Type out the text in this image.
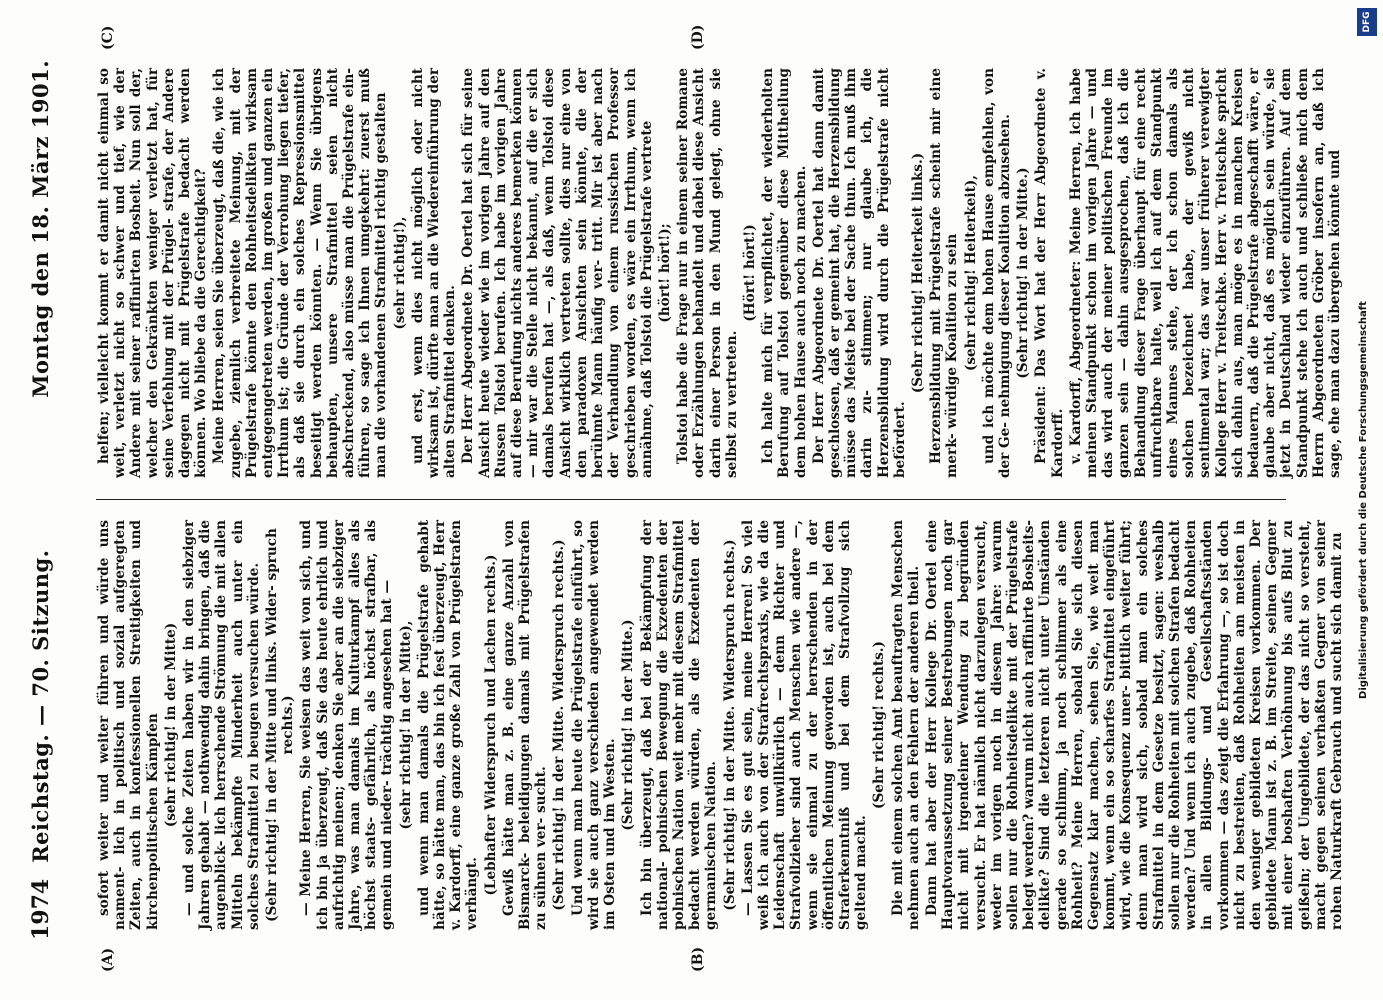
1974
Reichstag. — 70. Sitzung.
Montag den 18. März 1901.
(A)	(B)
(C)	(D)

sofort weiter und weiter führen und würde uns nament- lich in politisch und sozial aufgeregten Zeiten, auch in konfessionellen Streitigkeiten und kirchenpolitischen Kämpfen (sehr richtig! in der Mitte) — und solche Zeiten haben wir in den siebziger Jahren gehabt — nothwendig dahin bringen, daß die augenblick- lich herrschende Strömung die mit allen Mitteln bekämpfte Minderheit auch unter ein solches Strafmittel zu beugen versuchen würde. (Sehr richtig! in der Mitte und links. Wider- spruch rechts.) — Meine Herren, Sie weisen das weit von sich, und ich bin ja überzeugt, daß Sie das heute ehrlich und aufrichtig meinen; denken Sie aber an die siebziger Jahre, was man damals im Kulturkampf alles als höchst staats- gefährlich, als höchst strafbar, als gemein und nieder- trächtig angesehen hat — (sehr richtig! in der Mitte), und wenn man damals die Prügelstrafe gehabt hätte, so hätte man, das bin ich fest überzeugt, Herr v. Kardorff, eine ganze große Zahl von Prügelstrafen verhängt. (Lebhafter Widerspruch und Lachen rechts.) Gewiß hätte man z. B. eine ganze Anzahl von Bismarck- beleidigungen damals mit Prügelstrafen zu sühnen ver- sucht. (Sehr richtig! in der Mitte. Widerspruch rechts.) Und wenn man heute die Prügelstrafe einführt, so wird sie auch ganz verschieden angewendet werden im Osten und im Westen.

(Sehr richtig! in der Mitte.) Ich bin überzeugt, daß bei der Bekämpfung der national- polnischen Bewegung die Exzedenten der polnischen Nation weit mehr mit diesem Strafmittel bedacht werden würden, als die Exzedenten der germanischen Nation. (Sehr richtig! in der Mitte. Widerspruch rechts.) — Lassen Sie es gut sein, meine Herren! So viel weiß ich auch von der Strafrechtspraxis, wie da die Leidenschaft unwillkürlich — denn Richter und Strafvollzieher sind auch Menschen wie andere —, wenn sie einmal zu der herrschenden in der öffentlichen Meinung geworden ist, auch bei dem Straferkenntniß und bei dem Strafvollzug sich geltend macht.

(Sehr richtig! rechts.) Die mit einem solchen Amt beauftragten Menschen nehmen auch an den Fehlern der anderen theil. Dann hat aber der Herr Kollege Dr. Oertel eine Hauptvoraussetzung seiner Bestrebungen noch gar nicht mit irgendeiner Wendung zu begründen versucht. Er hat nämlich nicht darzulegen versucht, weder im vorigen noch in diesem Jahre: warum sollen nur die Rohheitsdelikte mit der Prügelstrafe belegt werden? warum nicht auch raffinirte Bosheits- delikte? Sind die letzteren nicht unter Umständen gerade so schlimm, ja noch schlimmer als eine Rohheit? Meine Herren, sobald Sie sich diesen Gegensatz klar machen, sehen Sie, wie weit man kommt, wenn ein so scharfes Strafmittel eingeführt wird, wie die Konsequenz uner- bittlich weiter führt; denn man wird sich, sobald man ein solches Strafmittel in dem Gesetze besitzt, sagen: weshalb sollen nur die Rohheiten mit solchen Strafen bedacht werden? Und wenn ich auch zugebe, daß Rohheiten in allen Bildungs- und Gesellschaftsständen vorkommen — das zeigt die Erfahrung —, so ist doch nicht zu bestreiten, daß Rohheiten am meisten in den weniger gebildeten Kreisen vorkommen. Der gebildete Mann ist z. B. im Streite, seinen Gegner mit einer boshaften Verhöhnung bis aufs Blut zu geißeln; der Ungebildete, der das nicht so versteht, macht gegen seinen verhaßten Gegner von seiner rohen Naturkraft Gebrauch und sucht sich damit zu

helfen; vielleicht kommt er damit nicht einmal so weit, verletzt nicht so schwer und tief, wie der Andere mit seiner raffinirten Bosheit. Nun soll der, welcher den Gekränkten weniger verletzt hat, für seine Verfehlung mit der Prügel- strafe, der Andere dagegen nicht mit Prügelstrafe bedacht werden können. Wo bliebe da die Gerechtigkeit? Meine Herren, seien Sie überzeugt, daß die, wie ich zugebe, ziemlich verbreitete Meinung, mit der Prügelstrafe könnte den Rohheitsdelikten wirksam entgegengetreten werden, im großen und ganzen ein Irrthum ist; die Gründe der Verrohung liegen tiefer, als daß sie durch ein solches Repressionsmittel beseitigt werden könnten. — Wenn Sie übrigens behaupten, unsere Strafmittel seien nicht abschreckend, also müsse man die Prügelstrafe ein- führen, so sage ich Ihnen umgekehrt: zuerst muß man die vorhandenen Strafmittel richtig gestalten (sehr richtig!), und erst, wenn dies nicht möglich oder nicht wirksam ist, dürfte man an die Wiedereinführung der alten Strafmittel denken. Der Herr Abgeordnete Dr. Oertel hat sich für seine Ansicht heute wieder wie im vorigen Jahre auf den Russen Tolstoi berufen. Ich habe im vorigen Jahre auf diese Berufung nichts anderes bemerken können — mir war die Stelle nicht bekannt, auf die er sich damals berufen hat —, als daß, wenn Tolstoi diese Ansicht wirklich vertreten sollte, dies nur eine von den paradoxen Ansichten sein könnte, die der berühmte Mann häufig ver- tritt. Mir ist aber nach der Verhandlung von einem russischen Professor geschrieben worden, es wäre ein Irrthum, wenn ich annähme, daß Tolstoi die Prügelstrafe vertrete (hört! hört!); Tolstoi habe die Frage nur in einem seiner Romane oder Erzählungen behandelt und dabei diese Ansicht darin einer Person in den Mund gelegt, ohne sie selbst zu vertreten.

(Hört! hört!) Ich halte mich für verpflichtet, der wiederholten Berufung auf Tolstoi gegenüber diese Mittheilung dem hohen Hause auch noch zu machen. Der Herr Abgeordnete Dr. Oertel hat dann damit geschlossen, daß er gemeint hat, die Herzensbildung müsse das Meiste bei der Sache thun. Ich muß ihm darin zu- stimmen; nur glaube ich, die Herzensbildung wird durch die Prügelstrafe nicht befördert.

(Sehr richtig! Heiterkeit links.) Herzensbildung mit Prügelstrafe scheint mir eine merk- würdige Koalition zu sein (sehr richtig! Heiterkeit), und ich möchte dem hohen Hause empfehlen, von der Ge- nehmigung dieser Koalition abzusehen. (Sehr richtig! in der Mitte.) Präsident: Das Wort hat der Herr Abgeordnete v. Kardorff. v. Kardorff, Abgeordneter: Meine Herren, ich habe meinen Standpunkt schon im vorigen Jahre — und das wird auch der meiner politischen Freunde im ganzen sein — dahin ausgesprochen, daß ich die Behandlung dieser Frage überhaupt für eine recht unfruchtbare halte, weil ich auf dem Standpunkt eines Mannes stehe, der ich schon damals als solchen bezeichnet habe, der gewiß nicht sentimental war; das war unser früherer verewigter Kollege Herr v. Treitschke. Herr v. Treitschke spricht sich dahin aus, man möge es in manchen Kreisen bedauern, daß die Prügelstrafe abgeschafft wäre, er glaube aber nicht, daß es möglich sein würde, sie jetzt in Deutschland wieder einzuführen. Auf dem Standpunkt stehe ich auch und schließe mich dem Herrn Abgeordneten Gröber insofern an, daß ich sage, ehe man dazu übergehen könnte und Digitalisierung gefördert durch die Deutsche Forschungsgemeinschaft
DFG
